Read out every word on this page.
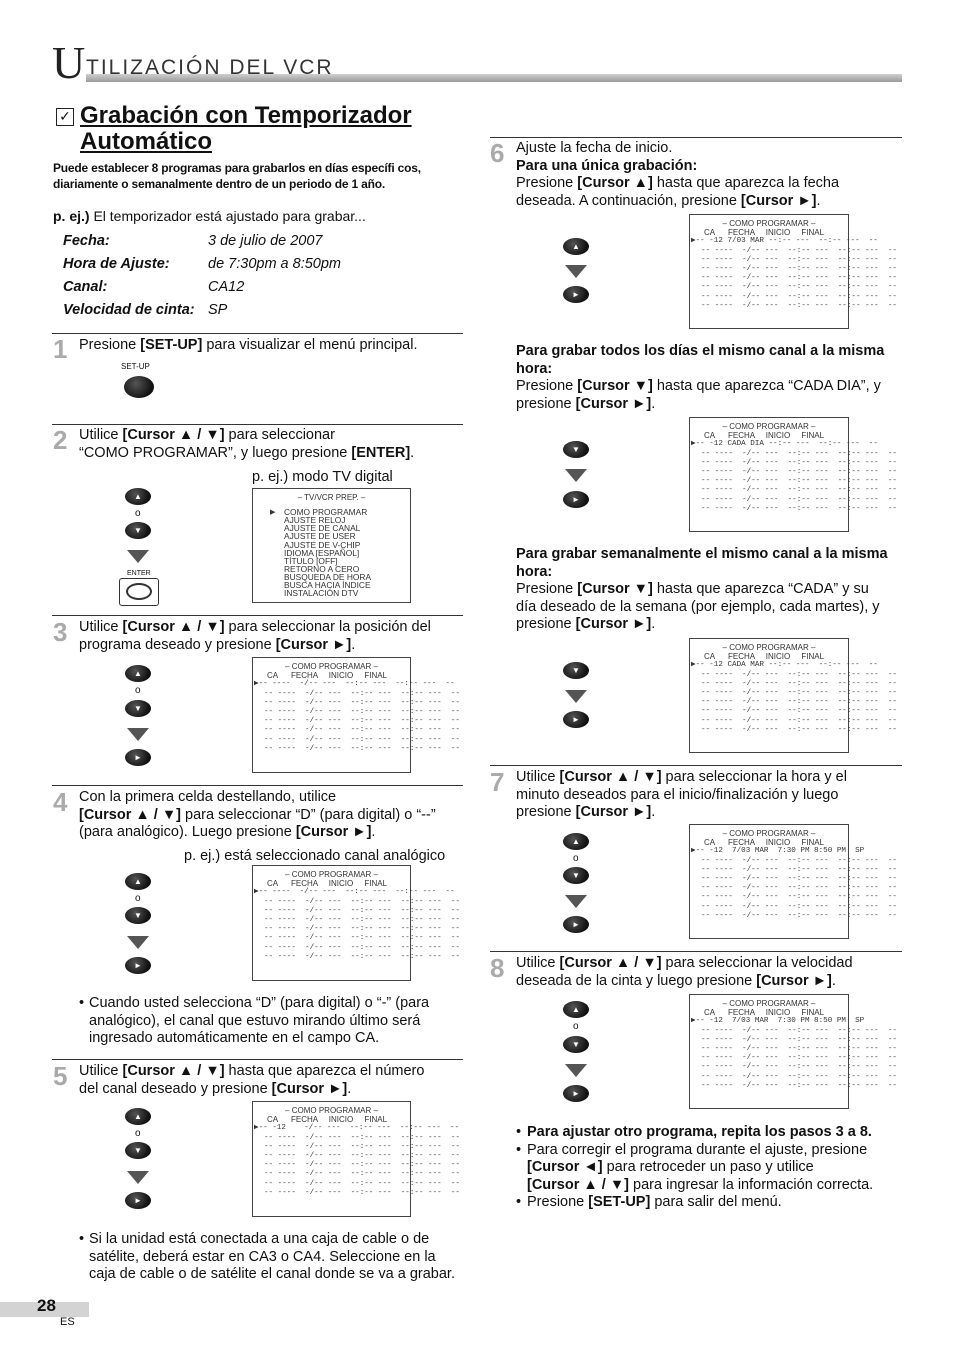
U TILIZACIÓN DEL VCR
✓ Grabación con Temporizador
Automático
Puede establecer 8 programas para grabarlos en días específi cos, diariamente o semanalmente dentro de un periodo de 1 año.
p. ej.) El temporizador está ajustado para grabar...
Fecha:	3 de julio de 2007
Hora de Ajuste:	de 7:30pm a 8:50pm
Canal:	CA12
Velocidad de cinta: SP
1 Presione [SET-UP] para visualizar el menú principal.
SET-UP
2 Utilice [Cursor ▲ / ▼] para seleccionar
“COMO PROGRAMAR”, y luego presione [ENTER].
p. ej.) modo TV digital
▲
o
▼
ENTER
– TV/VCR PREP. –
▶ COMO PROGRAMAR
AJUSTE RELOJ
AJUSTE DE CANAL
AJUSTE DE USER
AJUSTE DE V-CHIP
IDIOMA [ESPAÑOL]
TÍTULO [OFF]
RETORNO A CERO
BUSQUEDA DE HORA
BUSCA HACIA ÍNDICE
INSTALACIÓN DTV
3 Utilice [Cursor ▲ / ▼] para seleccionar la posición del
programa deseado y presione [Cursor ►].
▲
o
▼
►
– COMO PROGRAMAR –
CA      FECHA     INICIO     FINAL
▶-- ----  -/-- ---  --:-- ---  --:-- ---  --
-- ----  -/-- ---  --:-- ---  --:-- ---  --
-- ----  -/-- ---  --:-- ---  --:-- ---  --
-- ----  -/-- ---  --:-- ---  --:-- ---  --
-- ----  -/-- ---  --:-- ---  --:-- ---  --
-- ----  -/-- ---  --:-- ---  --:-- ---  --
-- ----  -/-- ---  --:-- ---  --:-- ---  --
-- ----  -/-- ---  --:-- ---  --:-- ---  --
4 Con la primera celda destellando, utilice
[Cursor ▲ / ▼] para seleccionar “D” (para digital) o “--”
(para analógico). Luego presione [Cursor ►].
p. ej.) está seleccionado canal analógico
▲
o
▼
►
– COMO PROGRAMAR –
CA      FECHA     INICIO     FINAL
▶-- ----  -/-- ---  --:-- ---  --:-- ---  --
-- ----  -/-- ---  --:-- ---  --:-- ---  --
-- ----  -/-- ---  --:-- ---  --:-- ---  --
-- ----  -/-- ---  --:-- ---  --:-- ---  --
-- ----  -/-- ---  --:-- ---  --:-- ---  --
-- ----  -/-- ---  --:-- ---  --:-- ---  --
-- ----  -/-- ---  --:-- ---  --:-- ---  --
-- ----  -/-- ---  --:-- ---  --:-- ---  --
• Cuando usted selecciona “D” (para digital) o “-” (para analógico), el canal que estuvo mirando último será ingresado automáticamente en el campo CA.
5 Utilice [Cursor ▲ / ▼] hasta que aparezca el número
del canal deseado y presione [Cursor ►].
▲
o
▼
►
– COMO PROGRAMAR –
CA      FECHA     INICIO     FINAL
▶-- -12    -/-- ---  --:-- ---  --:-- ---  --
-- ----  -/-- ---  --:-- ---  --:-- ---  --
-- ----  -/-- ---  --:-- ---  --:-- ---  --
-- ----  -/-- ---  --:-- ---  --:-- ---  --
-- ----  -/-- ---  --:-- ---  --:-- ---  --
-- ----  -/-- ---  --:-- ---  --:-- ---  --
-- ----  -/-- ---  --:-- ---  --:-- ---  --
-- ----  -/-- ---  --:-- ---  --:-- ---  --
• Si la unidad está conectada a una caja de cable o de satélite, deberá estar en CA3 o CA4. Seleccione en la caja de cable o de satélite el canal donde se va a grabar.
6 Ajuste la fecha de inicio.
Para una única grabación:
Presione [Cursor ▲] hasta que aparezca la fecha
deseada. A continuación, presione [Cursor ►].
▲
►
– COMO PROGRAMAR –
CA      FECHA     INICIO     FINAL
▶-- -12 7/03 MAR --:-- ---  --:-- ---  --
-- ----  -/-- ---  --:-- ---  --:-- ---  --
-- ----  -/-- ---  --:-- ---  --:-- ---  --
-- ----  -/-- ---  --:-- ---  --:-- ---  --
-- ----  -/-- ---  --:-- ---  --:-- ---  --
-- ----  -/-- ---  --:-- ---  --:-- ---  --
-- ----  -/-- ---  --:-- ---  --:-- ---  --
-- ----  -/-- ---  --:-- ---  --:-- ---  --
Para grabar todos los días el mismo canal a la misma hora:
Presione [Cursor ▼] hasta que aparezca “CADA DIA”, y
presione [Cursor ►].
▼
►
– COMO PROGRAMAR –
CA      FECHA     INICIO     FINAL
▶-- -12 CADA DIA --:-- ---  --:-- ---  --
-- ----  -/-- ---  --:-- ---  --:-- ---  --
-- ----  -/-- ---  --:-- ---  --:-- ---  --
-- ----  -/-- ---  --:-- ---  --:-- ---  --
-- ----  -/-- ---  --:-- ---  --:-- ---  --
-- ----  -/-- ---  --:-- ---  --:-- ---  --
-- ----  -/-- ---  --:-- ---  --:-- ---  --
-- ----  -/-- ---  --:-- ---  --:-- ---  --
Para grabar semanalmente el mismo canal a la misma hora:
Presione [Cursor ▼] hasta que aparezca “CADA” y su
día deseado de la semana (por ejemplo, cada martes), y
presione [Cursor ►].
▼
►
– COMO PROGRAMAR –
CA      FECHA     INICIO     FINAL
▶-- -12 CADA MAR --:-- ---  --:-- ---  --
-- ----  -/-- ---  --:-- ---  --:-- ---  --
-- ----  -/-- ---  --:-- ---  --:-- ---  --
-- ----  -/-- ---  --:-- ---  --:-- ---  --
-- ----  -/-- ---  --:-- ---  --:-- ---  --
-- ----  -/-- ---  --:-- ---  --:-- ---  --
-- ----  -/-- ---  --:-- ---  --:-- ---  --
-- ----  -/-- ---  --:-- ---  --:-- ---  --
7 Utilice [Cursor ▲ / ▼] para seleccionar la hora y el
minuto deseados para el inicio/finalización y luego
presione [Cursor ►].
▲
o
▼
►
– COMO PROGRAMAR –
CA      FECHA     INICIO     FINAL
▶-- -12  7/03 MAR  7:30 PM 8:50 PM  SP
-- ----  -/-- ---  --:-- ---  --:-- ---  --
-- ----  -/-- ---  --:-- ---  --:-- ---  --
-- ----  -/-- ---  --:-- ---  --:-- ---  --
-- ----  -/-- ---  --:-- ---  --:-- ---  --
-- ----  -/-- ---  --:-- ---  --:-- ---  --
-- ----  -/-- ---  --:-- ---  --:-- ---  --
-- ----  -/-- ---  --:-- ---  --:-- ---  --
8 Utilice [Cursor ▲ / ▼] para seleccionar la velocidad
deseada de la cinta y luego presione [Cursor ►].
▲
o
▼
►
– COMO PROGRAMAR –
CA      FECHA     INICIO     FINAL
▶-- -12  7/03 MAR  7:30 PM 8:50 PM  SP
-- ----  -/-- ---  --:-- ---  --:-- ---  --
-- ----  -/-- ---  --:-- ---  --:-- ---  --
-- ----  -/-- ---  --:-- ---  --:-- ---  --
-- ----  -/-- ---  --:-- ---  --:-- ---  --
-- ----  -/-- ---  --:-- ---  --:-- ---  --
-- ----  -/-- ---  --:-- ---  --:-- ---  --
-- ----  -/-- ---  --:-- ---  --:-- ---  --
• Para ajustar otro programa, repita los pasos 3 a 8.
• Para corregir el programa durante el ajuste, presione
[Cursor ◄] para retroceder un paso y utilice
[Cursor ▲ / ▼] para ingresar la información correcta.
• Presione [SET-UP] para salir del menú.
28
ES
